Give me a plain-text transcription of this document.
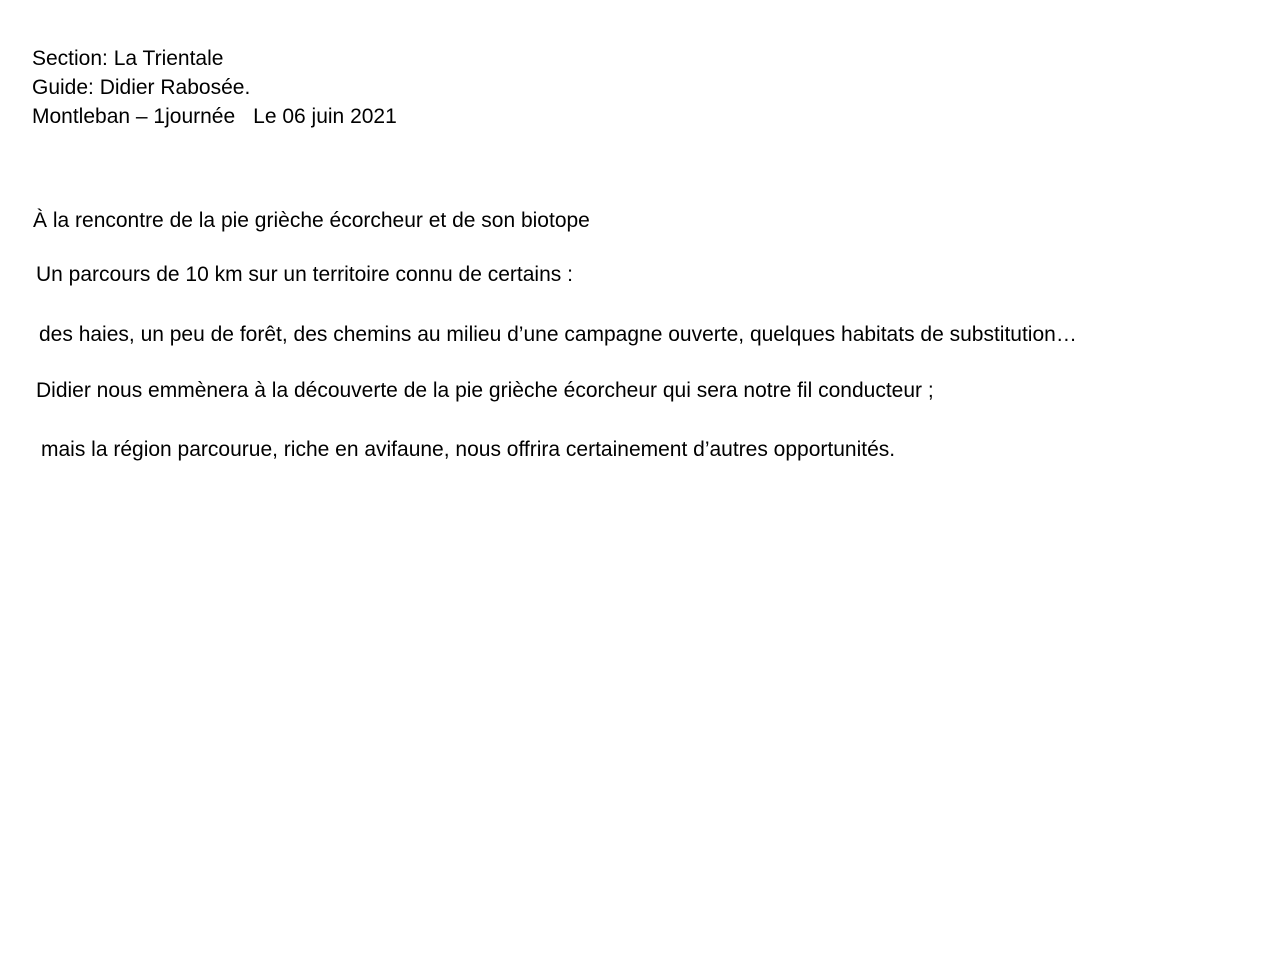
Section: La Trientale

Guide: Didier Rabosée.

Montleban – 1journée Le 06 juin 2021

À la rencontre de la pie grièche écorcheur et de son biotope

Un parcours de 10 km sur un territoire connu de certains :

des haies, un peu de forêt, des chemins au milieu d’une campagne ouverte, quelques habitats de substitution…

Didier nous emmènera à la découverte de la pie grièche écorcheur qui sera notre fil conducteur ;

mais la région parcourue, riche en avifaune, nous offrira certainement d’autres opportunités.
